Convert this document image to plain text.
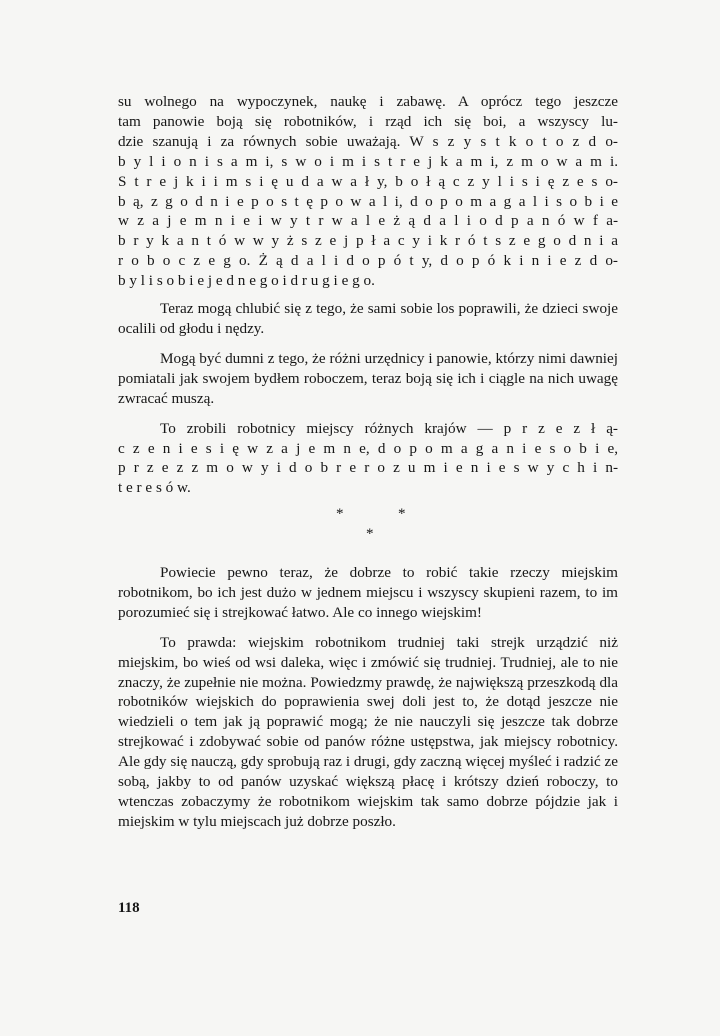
su wolnego na wypoczynek, naukę i zabawę. A oprócz tego jeszcze
tam panowie boją się robotników, i rząd ich się boi, a wszyscy lu-
dzie szanują i za równych sobie uważają. W s z y s t k o t o z d o-
b y l i o n i s a m i, s w o i m i s t r e j k a m i, z m o w a m i.
S t r e j k i i m s i ę u d a w a ł y, b o ł ą c z y l i s i ę z e s o-
b ą, z g o d n i e p o s t ę p o w a l i, d o p o m a g a l i s o b i e
w z a j e m n i e i w y t r w a l e ż ą d a l i o d p a n ó w f a-
b r y k a n t ó w w y ż s z e j p ł a c y i k r ó t s z e g o d n i a
r o b o c z e g o. Ż ą d a l i d o p ó t y, d o p ó k i n i e z d o-
b y l i s o b i e j e d n e g o i d r u g i e g o.

Teraz mogą chlubić się z tego, że sami sobie los poprawili, że dzieci swoje ocalili od głodu i nędzy.

Mogą być dumni z tego, że różni urzędnicy i panowie, którzy nimi dawniej pomiatali jak swojem bydłem roboczem, teraz boją się ich i ciągle na nich uwagę zwracać muszą.

To zrobili robotnicy miejscy różnych krajów — p r z e z ł ą-
c z e n i e s i ę w z a j e m n e, d o p o m a g a n i e s o b i e,
p r z e z z m o w y i d o b r e r o z u m i e n i e s w y c h i n-
t e r e s ó w.

*	*
*

Powiecie pewno teraz, że dobrze to robić takie rzeczy miejskim robotnikom, bo ich jest dużo w jednem miejscu i wszyscy skupieni razem, to im porozumieć się i strejkować łatwo. Ale co innego wiejskim!

To prawda: wiejskim robotnikom trudniej taki strejk urządzić niż miejskim, bo wieś od wsi daleka, więc i zmówić się trudniej. Trudniej, ale to nie znaczy, że zupełnie nie można. Powiedzmy prawdę, że największą przeszkodą dla robotników wiejskich do poprawienia swej doli jest to, że dotąd jeszcze nie wiedzieli o tem jak ją poprawić mogą; że nie nauczyli się jeszcze tak dobrze strejkować i zdobywać sobie od panów różne ustępstwa, jak miejscy robotnicy. Ale gdy się nauczą, gdy sprobują raz i drugi, gdy zaczną więcej myśleć i radzić ze sobą, jakby to od panów uzyskać większą płacę i krótszy dzień roboczy, to wtenczas zobaczymy że robotnikom wiejskim tak samo dobrze pójdzie jak i miejskim w tylu miejscach już dobrze poszło.

118
